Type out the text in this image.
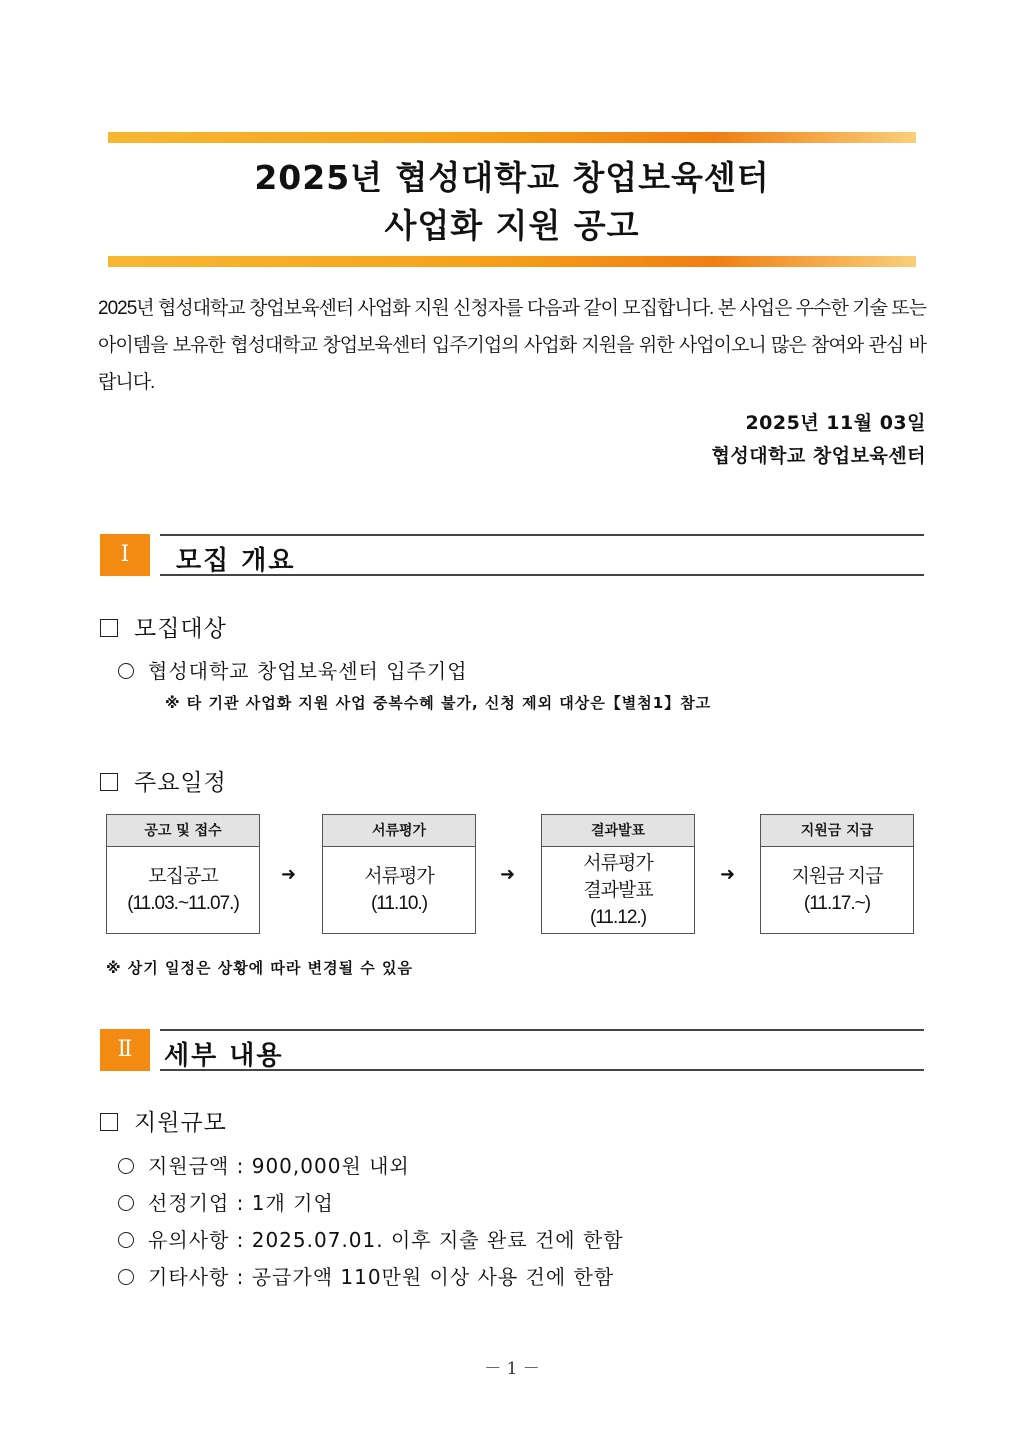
2025년 협성대학교 창업보육센터
사업화 지원 공고
2025년 협성대학교 창업보육센터 사업화 지원 신청자를 다음과 같이 모집합니다. 본 사업은 우수한 기술 또는 아이템을 보유한 협성대학교 창업보육센터 입주기업의 사업화 지원을 위한 사업이오니 많은 참여와 관심 바랍니다.
2025년 11월 03일
협성대학교 창업보육센터
Ⅰ	모집 개요
모집대상
협성대학교 창업보육센터 입주기업
※ 타 기관 사업화 지원 사업 중복수혜 불가, 신청 제외 대상은【별첨1】참고
주요일정
공고 및 접수
모집공고
(11.03.~11.07.)
➜
서류평가
서류평가
(11.10.)
➜
결과발표
서류평가
결과발표
(11.12.)
➜
지원금 지급
지원금 지급
(11.17.~)
※ 상기 일정은 상황에 따라 변경될 수 있음
Ⅱ	세부 내용
지원규모
지원금액 : 900,000원 내외
선정기업 : 1개 기업
유의사항 : 2025.07.01. 이후 지출 완료 건에 한함
기타사항 : 공급가액 110만원 이상 사용 건에 한함
－ 1 －
